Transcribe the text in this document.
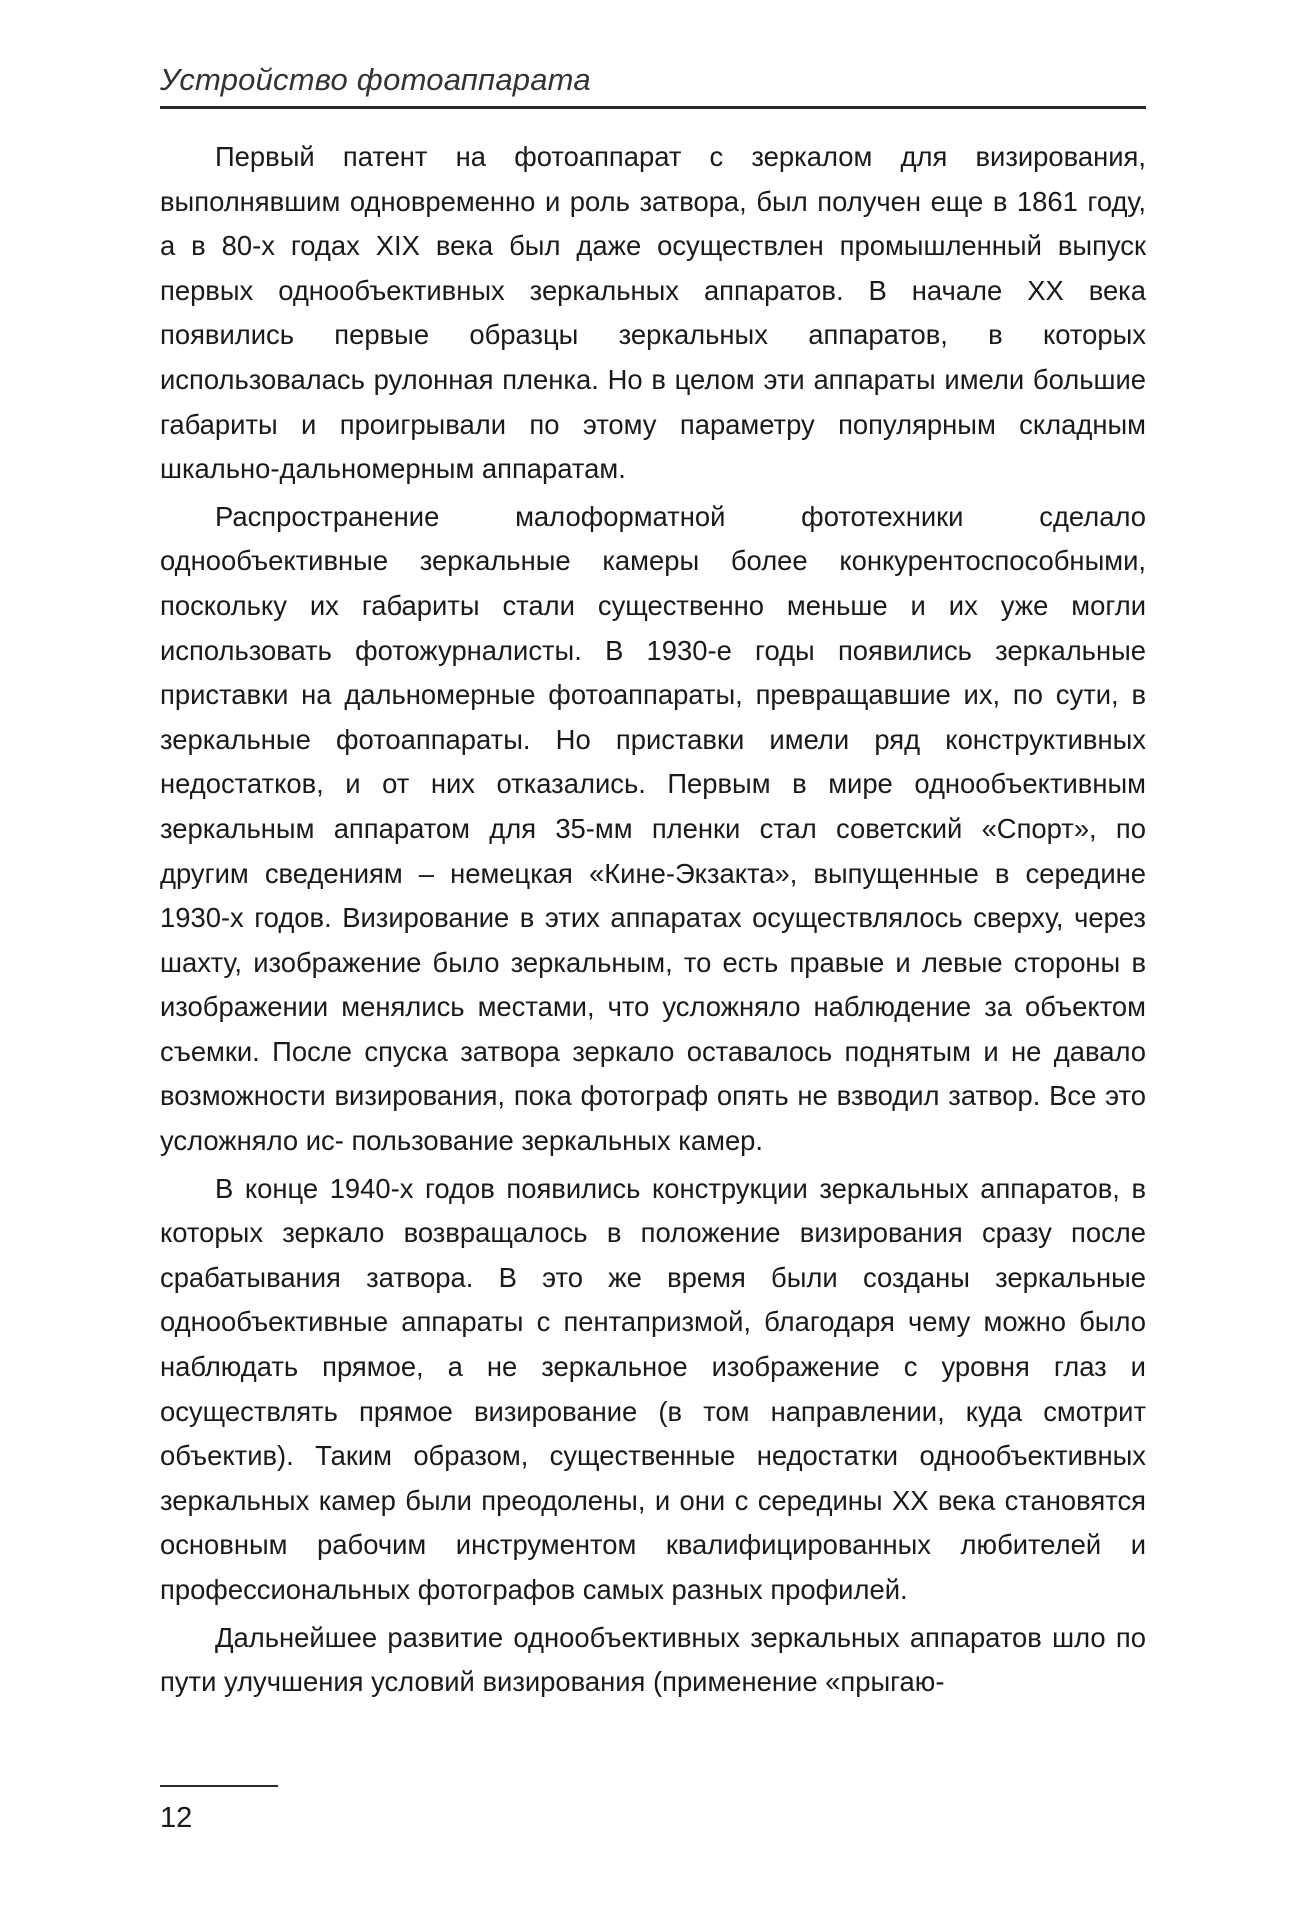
Устройство фотоаппарата

Первый патент на фотоаппарат с зеркалом для визирования, выполнявшим одновременно и роль затвора, был получен еще в 1861 году, а в 80-х годах XIX века был даже осуществлен промышленный выпуск первых однообъективных зеркальных аппаратов. В начале XX века появились первые образцы зеркальных аппаратов, в которых использовалась рулонная пленка. Но в целом эти аппараты имели большие габариты и проигрывали по этому параметру популярным складным шкально-дальномерным аппаратам.

Распространение малоформатной фототехники сделало однообъективные зеркальные камеры более конкурентоспособными, поскольку их габариты стали существенно меньше и их уже могли использовать фотожурналисты. В 1930-е годы появились зеркальные приставки на дальномерные фотоаппараты, превращавшие их, по сути, в зеркальные фотоаппараты. Но приставки имели ряд конструктивных недостатков, и от них отказались. Первым в мире однообъективным зеркальным аппаратом для 35-мм пленки стал советский «Спорт», по другим сведениям – немецкая «Кине-Экзакта», выпущенные в середине 1930-х годов. Визирование в этих аппаратах осуществлялось сверху, через шахту, изображение было зеркальным, то есть правые и левые стороны в изображении менялись местами, что усложняло наблюдение за объектом съемки. После спуска затвора зеркало оставалось поднятым и не давало возможности визирования, пока фотограф опять не взводил затвор. Все это усложняло ис- пользование зеркальных камер.

В конце 1940-х годов появились конструкции зеркальных аппаратов, в которых зеркало возвращалось в положение визирования сразу после срабатывания затвора. В это же время были созданы зеркальные однообъективные аппараты с пентапризмой, благодаря чему можно было наблюдать прямое, а не зеркальное изображение с уровня глаз и осуществлять прямое визирование (в том направлении, куда смотрит объектив). Таким образом, существенные недостатки однообъективных зеркальных камер были преодолены, и они с середины XX века становятся основным рабочим инструментом квалифицированных любителей и профессиональных фотографов самых разных профилей.

Дальнейшее развитие однообъективных зеркальных аппаратов шло по пути улучшения условий визирования (применение «прыгаю-

12
